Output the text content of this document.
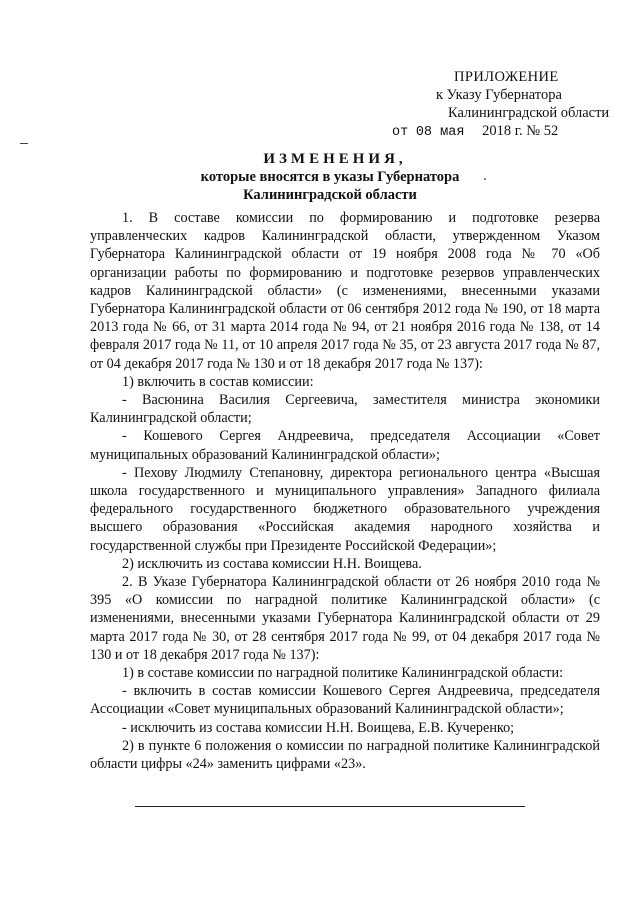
ПРИЛОЖЕНИЕ
к Указу Губернатора
Калининградской области
от 08 мая 2018 г. № 52
ИЗМЕНЕНИЯ,
которые вносятся в указы Губернатора
Калининградской области

1. В составе комиссии по формированию и подготовке резерва управленческих кадров Калининградской области, утвержденном Указом Губернатора Калининградской области от 19 ноября 2008 года № 70 «Об организации работы по формированию и подготовке резервов управленческих кадров Калининградской области» (с изменениями, внесенными указами Губернатора Калининградской области от 06 сентября 2012 года № 190, от 18 марта 2013 года № 66, от 31 марта 2014 года № 94, от 21 ноября 2016 года № 138, от 14 февраля 2017 года № 11, от 10 апреля 2017 года № 35, от 23 августа 2017 года № 87, от 04 декабря 2017 года № 130 и от 18 декабря 2017 года № 137):

1) включить в состав комиссии:

- Васюнина Василия Сергеевича, заместителя министра экономики Калининградской области;

- Кошевого Сергея Андреевича, председателя Ассоциации «Совет муниципальных образований Калининградской области»;

- Пехову Людмилу Степановну, директора регионального центра «Высшая школа государственного и муниципального управления» Западного филиала федерального государственного бюджетного образовательного учреждения высшего образования «Российская академия народного хозяйства и государственной службы при Президенте Российской Федерации»;

2) исключить из состава комиссии Н.Н. Воищева.

2. В Указе Губернатора Калининградской области от 26 ноября 2010 года № 395 «О комиссии по наградной политике Калининградской области» (с изменениями, внесенными указами Губернатора Калининградской области от 29 марта 2017 года № 30, от 28 сентября 2017 года № 99, от 04 декабря 2017 года № 130 и от 18 декабря 2017 года № 137):

1) в составе комиссии по наградной политике Калининградской области:

- включить в состав комиссии Кошевого Сергея Андреевича, председателя Ассоциации «Совет муниципальных образований Калининградской области»;

- исключить из состава комиссии Н.Н. Воищева, Е.В. Кучеренко;

2) в пункте 6 положения о комиссии по наградной политике Калининградской области цифры «24» заменить цифрами «23».
